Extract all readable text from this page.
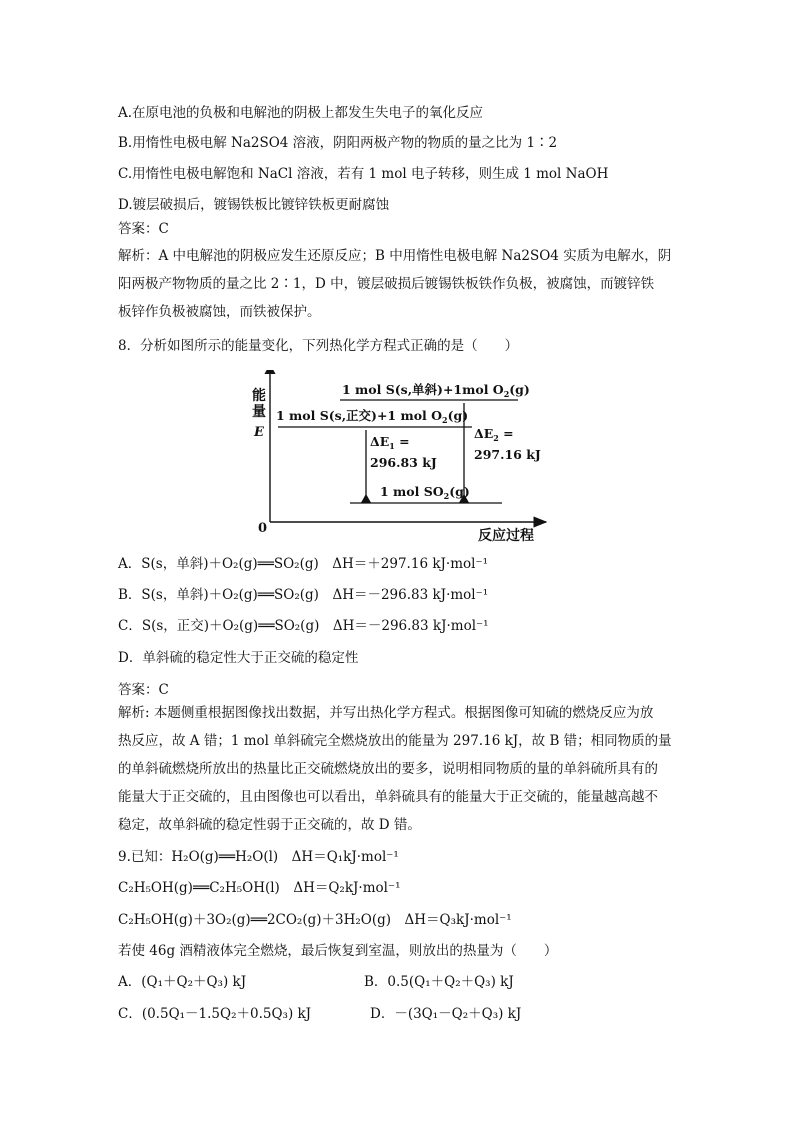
A.在原电池的负极和电解池的阴极上都发生失电子的氧化反应
B.用惰性电极电解 Na2SO4 溶液，阴阳两极产物的物质的量之比为 1∶2
C.用惰性电极电解饱和 NaCl 溶液，若有 1 mol 电子转移，则生成 1 mol NaOH
D.镀层破损后，镀锡铁板比镀锌铁板更耐腐蚀
答案：C
解析：A 中电解池的阴极应发生还原反应；B 中用惰性电极电解 Na2SO4 实质为电解水，阴
阳两极产物物质的量之比 2∶1，D 中，镀层破损后镀锡铁板铁作负极，被腐蚀，而镀锌铁
板锌作负极被腐蚀，而铁被保护。
8．分析如图所示的能量变化，下列热化学方程式正确的是（　　）
能
量
E
0	反应过程
1 mol S(s,单斜)+1mol $O_2(g)$
1 mol S(s,正交)+1 mol $O_2(g)$
1 mol $SO_2(g)$
$\Delta E_1$ =
296.83 kJ
$\Delta E_2$ =
297.16 kJ
A．S(s，单斜)＋O₂(g)══SO₂(g)　ΔH＝＋297.16 kJ·mol⁻¹
B．S(s，单斜)＋O₂(g)══SO₂(g)　ΔH＝－296.83 kJ·mol⁻¹
C．S(s，正交)＋O₂(g)══SO₂(g)　ΔH＝－296.83 kJ·mol⁻¹
D．单斜硫的稳定性大于正交硫的稳定性
答案：C
解析: 本题侧重根据图像找出数据，并写出热化学方程式。根据图像可知硫的燃烧反应为放
热反应，故 A 错；1 mol 单斜硫完全燃烧放出的能量为 297.16 kJ，故 B 错；相同物质的量
的单斜硫燃烧所放出的热量比正交硫燃烧放出的要多，说明相同物质的量的单斜硫所具有的
能量大于正交硫的，且由图像也可以看出，单斜硫具有的能量大于正交硫的，能量越高越不
稳定，故单斜硫的稳定性弱于正交硫的，故 D 错。
9.已知：H₂O(g)══H₂O(l)　ΔH＝Q₁kJ·mol⁻¹
C₂H₅OH(g)══C₂H₅OH(l)　ΔH＝Q₂kJ·mol⁻¹
C₂H₅OH(g)＋3O₂(g)══2CO₂(g)＋3H₂O(g)　ΔH＝Q₃kJ·mol⁻¹
若使 46g 酒精液体完全燃烧，最后恢复到室温，则放出的热量为（　　）
A．(Q₁＋Q₂＋Q₃) kJ	B．0.5(Q₁＋Q₂＋Q₃) kJ
C．(0.5Q₁－1.5Q₂＋0.5Q₃) kJ	D．－(3Q₁－Q₂＋Q₃) kJ
